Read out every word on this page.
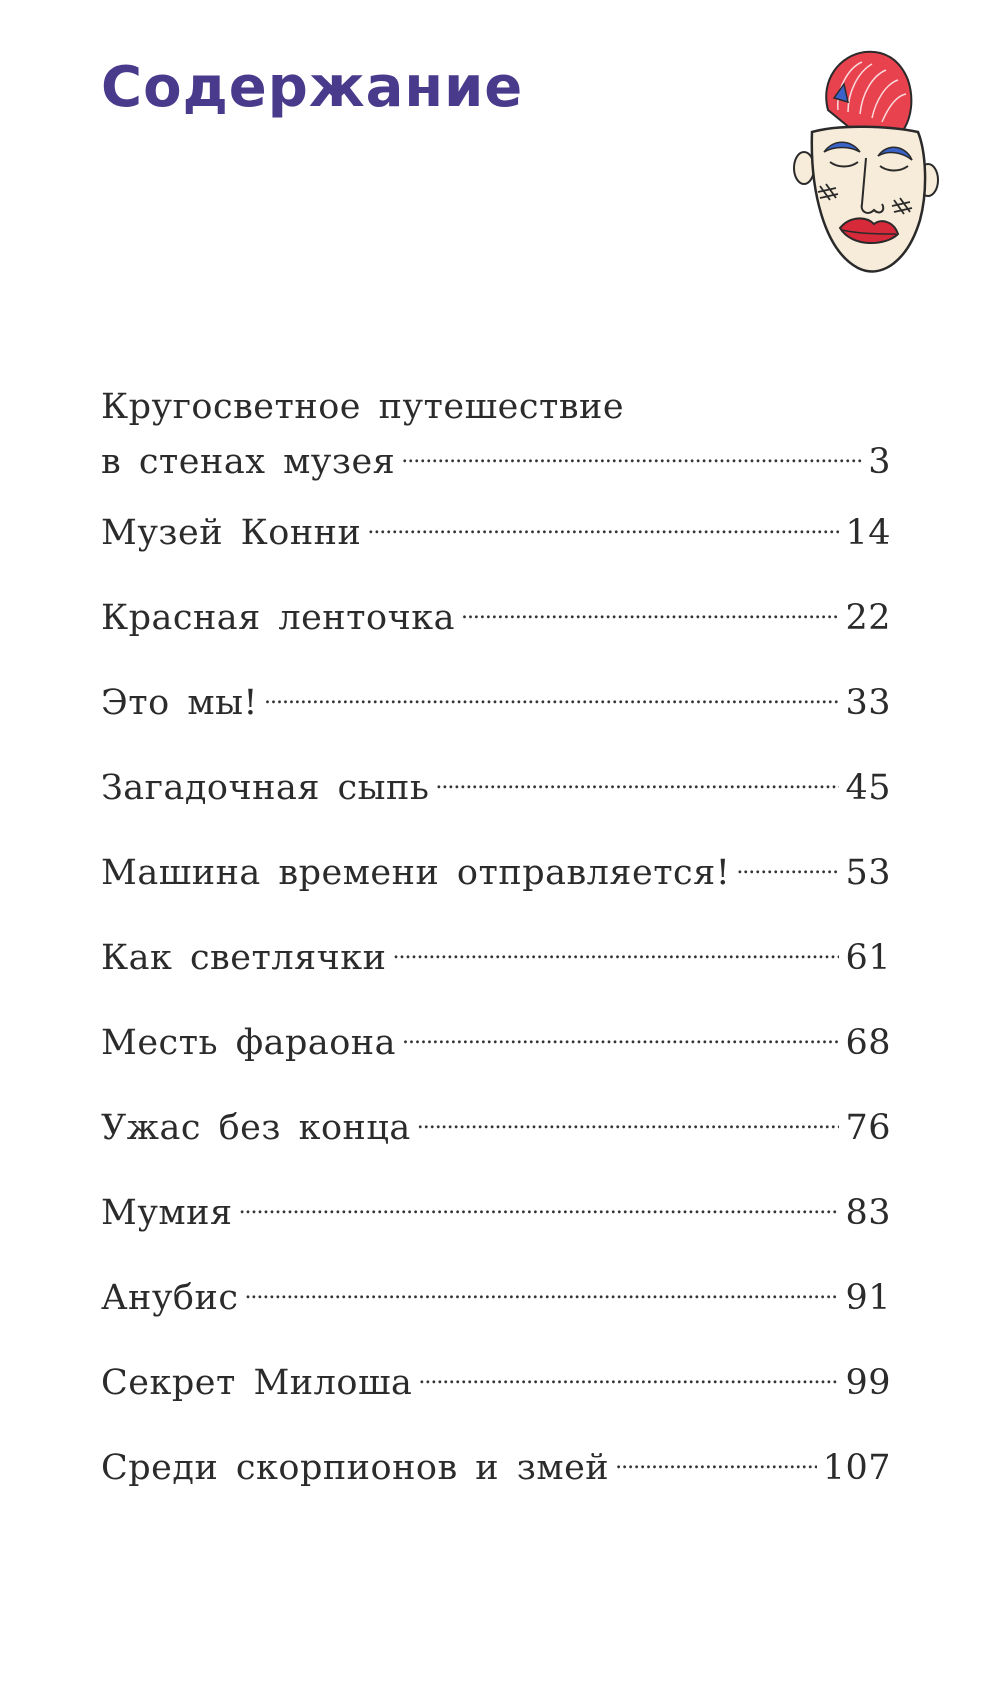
Содержание
Кругосветное путешествие
в стенах музея . . .	3
Музей Конни . . .	14
Красная ленточка . . .	22
Это мы! . . .	33
Загадочная сыпь . . .	45
Машина времени отправляется! . . .	53
Как светлячки . . .	61
Месть фараона . . .	68
Ужас без конца . . .	76
Мумия . . .	83
Анубис . . .	91
Секрет Милоша . . .	99
Среди скорпионов и змей . . .	107
